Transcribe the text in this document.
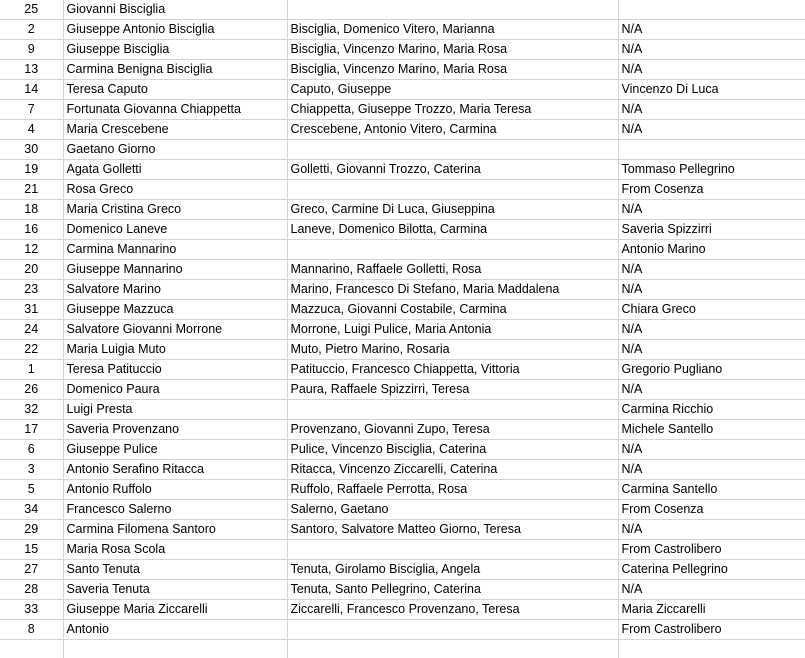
25	Giovanni Bisciglia		
2	Giuseppe Antonio Bisciglia	Bisciglia, Domenico Vitero, Marianna	N/A
9	Giuseppe Bisciglia	Bisciglia, Vincenzo Marino, Maria Rosa	N/A
13	Carmina Benigna Bisciglia	Bisciglia, Vincenzo Marino, Maria Rosa	N/A
14	Teresa Caputo	Caputo, Giuseppe	Vincenzo Di Luca
7	Fortunata Giovanna Chiappetta	Chiappetta, Giuseppe Trozzo, Maria Teresa	N/A
4	Maria Crescebene	Crescebene, Antonio Vitero, Carmina	N/A
30	Gaetano Giorno		
19	Agata Golletti	Golletti, Giovanni Trozzo, Caterina	Tommaso Pellegrino
21	Rosa Greco		From Cosenza
18	Maria Cristina Greco	Greco, Carmine Di Luca, Giuseppina	N/A
16	Domenico Laneve	Laneve, Domenico Bilotta, Carmina	Saveria Spizzirri
12	Carmina Mannarino		Antonio Marino
20	Giuseppe Mannarino	Mannarino, Raffaele Golletti, Rosa	N/A
23	Salvatore Marino	Marino, Francesco Di Stefano, Maria Maddalena	N/A
31	Giuseppe Mazzuca	Mazzuca, Giovanni Costabile, Carmina	Chiara Greco
24	Salvatore Giovanni Morrone	Morrone, Luigi Pulice, Maria Antonia	N/A
22	Maria Luigia Muto	Muto, Pietro Marino, Rosaria	N/A
1	Teresa Patituccio	Patituccio, Francesco Chiappetta, Vittoria	Gregorio Pugliano
26	Domenico Paura	Paura, Raffaele Spizzirri, Teresa	N/A
32	Luigi Presta		Carmina Ricchio
17	Saveria Provenzano	Provenzano, Giovanni Zupo, Teresa	Michele Santello
6	Giuseppe Pulice	Pulice, Vincenzo Bisciglia, Caterina	N/A
3	Antonio Serafino Ritacca	Ritacca, Vincenzo Ziccarelli, Caterina	N/A
5	Antonio Ruffolo	Ruffolo, Raffaele Perrotta, Rosa	Carmina Santello
34	Francesco Salerno	Salerno, Gaetano	From Cosenza
29	Carmina Filomena Santoro	Santoro, Salvatore Matteo Giorno, Teresa	N/A
15	Maria Rosa Scola		From Castrolibero
27	Santo Tenuta	Tenuta, Girolamo Bisciglia, Angela	Caterina Pellegrino
28	Saveria Tenuta	Tenuta, Santo Pellegrino, Caterina	N/A
33	Giuseppe Maria Ziccarelli	Ziccarelli, Francesco Provenzano, Teresa	Maria Ziccarelli
8	Antonio		From Castrolibero
